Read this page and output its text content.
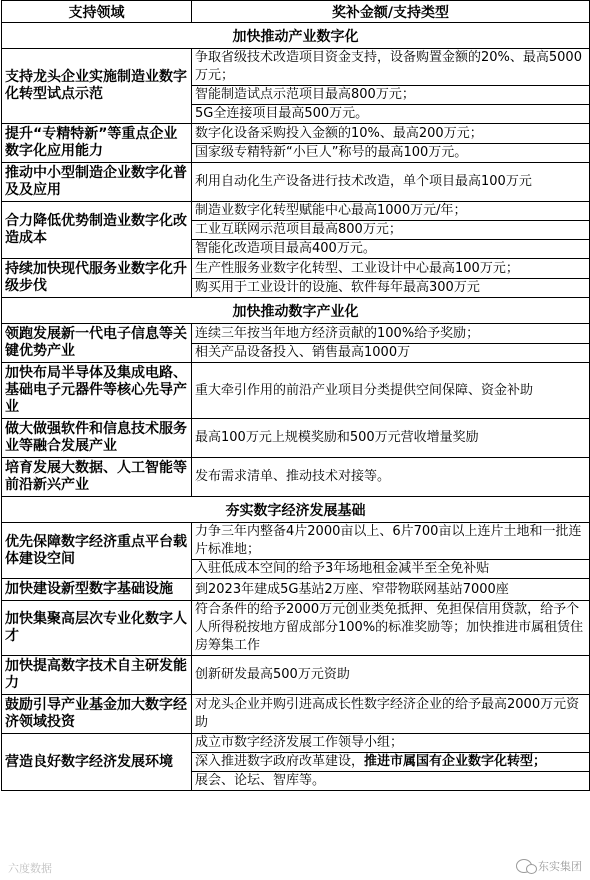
支持领域	奖补金额/支持类型
加快推动产业数字化	
支持龙头企业实施制造业数字化转型试点示范	争取省级技术改造项目资金支持，设备购置金额的20%、最高5000万元；
智能制造试点示范项目最高800万元；
5G全连接项目最高500万元。

提升“专精特新”等重点企业数字化应用能力	数字化设备采购投入金额的10%、最高200万元；
国家级专精特新“小巨人”称号的最高100万元。

推动中小型制造企业数字化普及及应用	利用自动化生产设备进行技术改造，单个项目最高100万元

合力降低优势制造业数字化改造成本	制造业数字化转型赋能中心最高1000万元/年；
工业互联网示范项目最高800万元；
智能化改造项目最高400万元。

持续加快现代服务业数字化升级步伐	生产性服务业数字化转型、工业设计中心最高100万元；
购买用于工业设计的设施、软件每年最高300万元

加快推动数字产业化	
领跑发展新一代电子信息等关键优势产业	连续三年按当年地方经济贡献的100%给予奖励；
相关产品设备投入、销售最高1000万

加快布局半导体及集成电路、基础电子元器件等核心先导产业	重大牵引作用的前沿产业项目分类提供空间保障、资金补助

做大做强软件和信息技术服务业等融合发展产业	最高100万元上规模奖励和500万元营收增量奖励

培育发展大数据、人工智能等前沿新兴产业	发布需求清单、推动技术对接等。

夯实数字经济发展基础	
优先保障数字经济重点平台载体建设空间	力争三年内整备4片2000亩以上、6片700亩以上连片土地和一批连片标准地；
入驻低成本空间的给予3年场地租金减半至全免补贴

加快建设新型数字基础设施	到2023年建成5G基站2万座、窄带物联网基站7000座

加快集聚高层次专业化数字人才	符合条件的给予2000万元创业类免抵押、免担保信用贷款，给予个人所得税按地方留成部分100%的标准奖励等；加快推进市属租赁住房筹集工作

加快提高数字技术自主研发能力	创新研发最高500万元资助

鼓励引导产业基金加大数字经济领域投资	对龙头企业并购引进高成长性数字经济企业的给予最高2000万元资助

营造良好数字经济发展环境	成立市数字经济发展工作领导小组；
深入推进数字政府改革建设，推进市属国有企业数字化转型；
展会、论坛、智库等。
六度数据	东实集团
